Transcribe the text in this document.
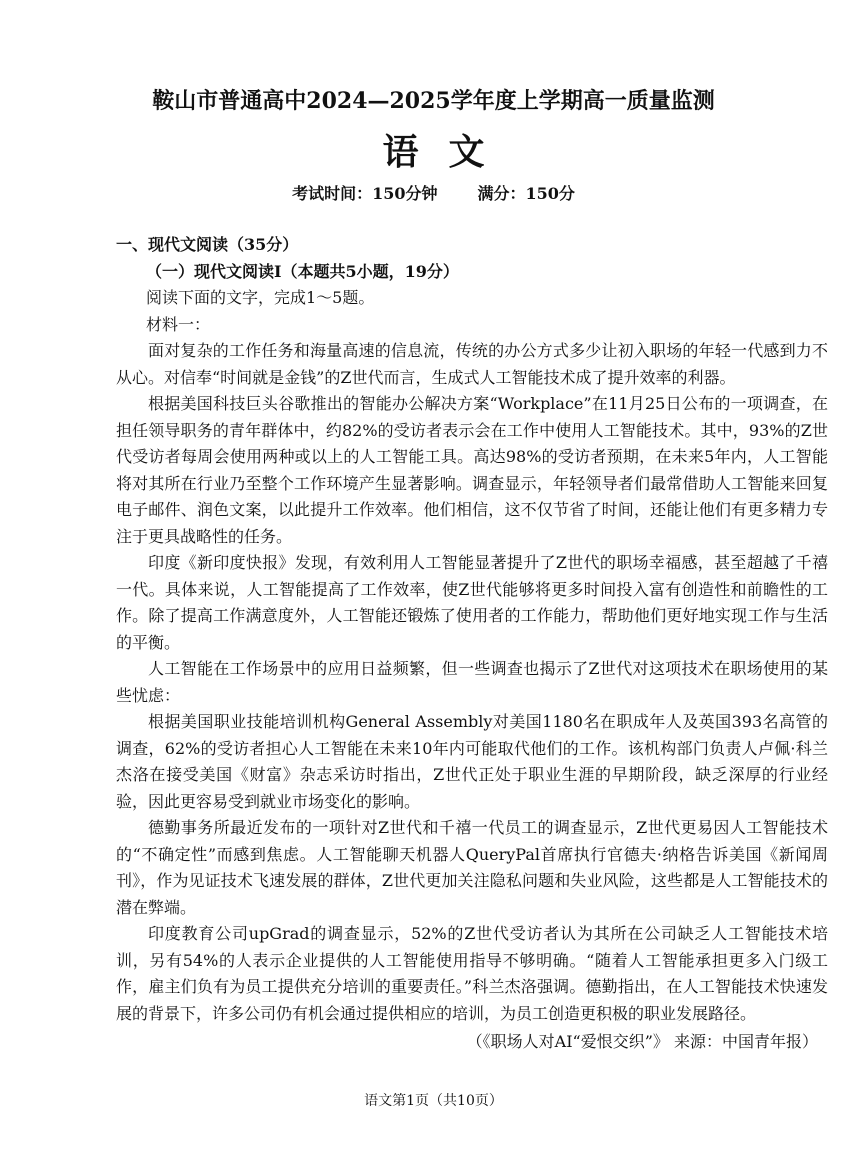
鞍山市普通高中2024—2025学年度上学期高一质量监测
语文
考试时间：150分钟	满分：150分
一、现代文阅读（35分）
（一）现代文阅读Ⅰ（本题共5小题，19分）
阅读下面的文字，完成1～5题。
材料一：

面对复杂的工作任务和海量高速的信息流，传统的办公方式多少让初入职场的年轻一代感到力不从心。对信奉“时间就是金钱”的Z世代而言，生成式人工智能技术成了提升效率的利器。

根据美国科技巨头谷歌推出的智能办公解决方案“Workplace”在11月25日公布的一项调查，在担任领导职务的青年群体中，约82%的受访者表示会在工作中使用人工智能技术。其中，93%的Z世代受访者每周会使用两种或以上的人工智能工具。高达98%的受访者预期，在未来5年内，人工智能将对其所在行业乃至整个工作环境产生显著影响。调查显示，年轻领导者们最常借助人工智能来回复电子邮件、润色文案，以此提升工作效率。他们相信，这不仅节省了时间，还能让他们有更多精力专注于更具战略性的任务。

印度《新印度快报》发现，有效利用人工智能显著提升了Z世代的职场幸福感，甚至超越了千禧一代。具体来说，人工智能提高了工作效率，使Z世代能够将更多时间投入富有创造性和前瞻性的工作。除了提高工作满意度外，人工智能还锻炼了使用者的工作能力，帮助他们更好地实现工作与生活的平衡。

人工智能在工作场景中的应用日益频繁，但一些调查也揭示了Z世代对这项技术在职场使用的某些忧虑：

根据美国职业技能培训机构General Assembly对美国1180名在职成年人及英国393名高管的调查，62%的受访者担心人工智能在未来10年内可能取代他们的工作。该机构部门负责人卢佩·科兰杰洛在接受美国《财富》杂志采访时指出，Z世代正处于职业生涯的早期阶段，缺乏深厚的行业经验，因此更容易受到就业市场变化的影响。

德勤事务所最近发布的一项针对Z世代和千禧一代员工的调查显示，Z世代更易因人工智能技术的“不确定性”而感到焦虑。人工智能聊天机器人QueryPal首席执行官德夫·纳格告诉美国《新闻周刊》，作为见证技术飞速发展的群体，Z世代更加关注隐私问题和失业风险，这些都是人工智能技术的潜在弊端。

印度教育公司upGrad的调查显示，52%的Z世代受访者认为其所在公司缺乏人工智能技术培训，另有54%的人表示企业提供的人工智能使用指导不够明确。“随着人工智能承担更多入门级工作，雇主们负有为员工提供充分培训的重要责任。”科兰杰洛强调。德勤指出，在人工智能技术快速发展的背景下，许多公司仍有机会通过提供相应的培训，为员工创造更积极的职业发展路径。

（《职场人对AI“爱恨交织”》 来源：中国青年报）
语文第1页（共10页）
